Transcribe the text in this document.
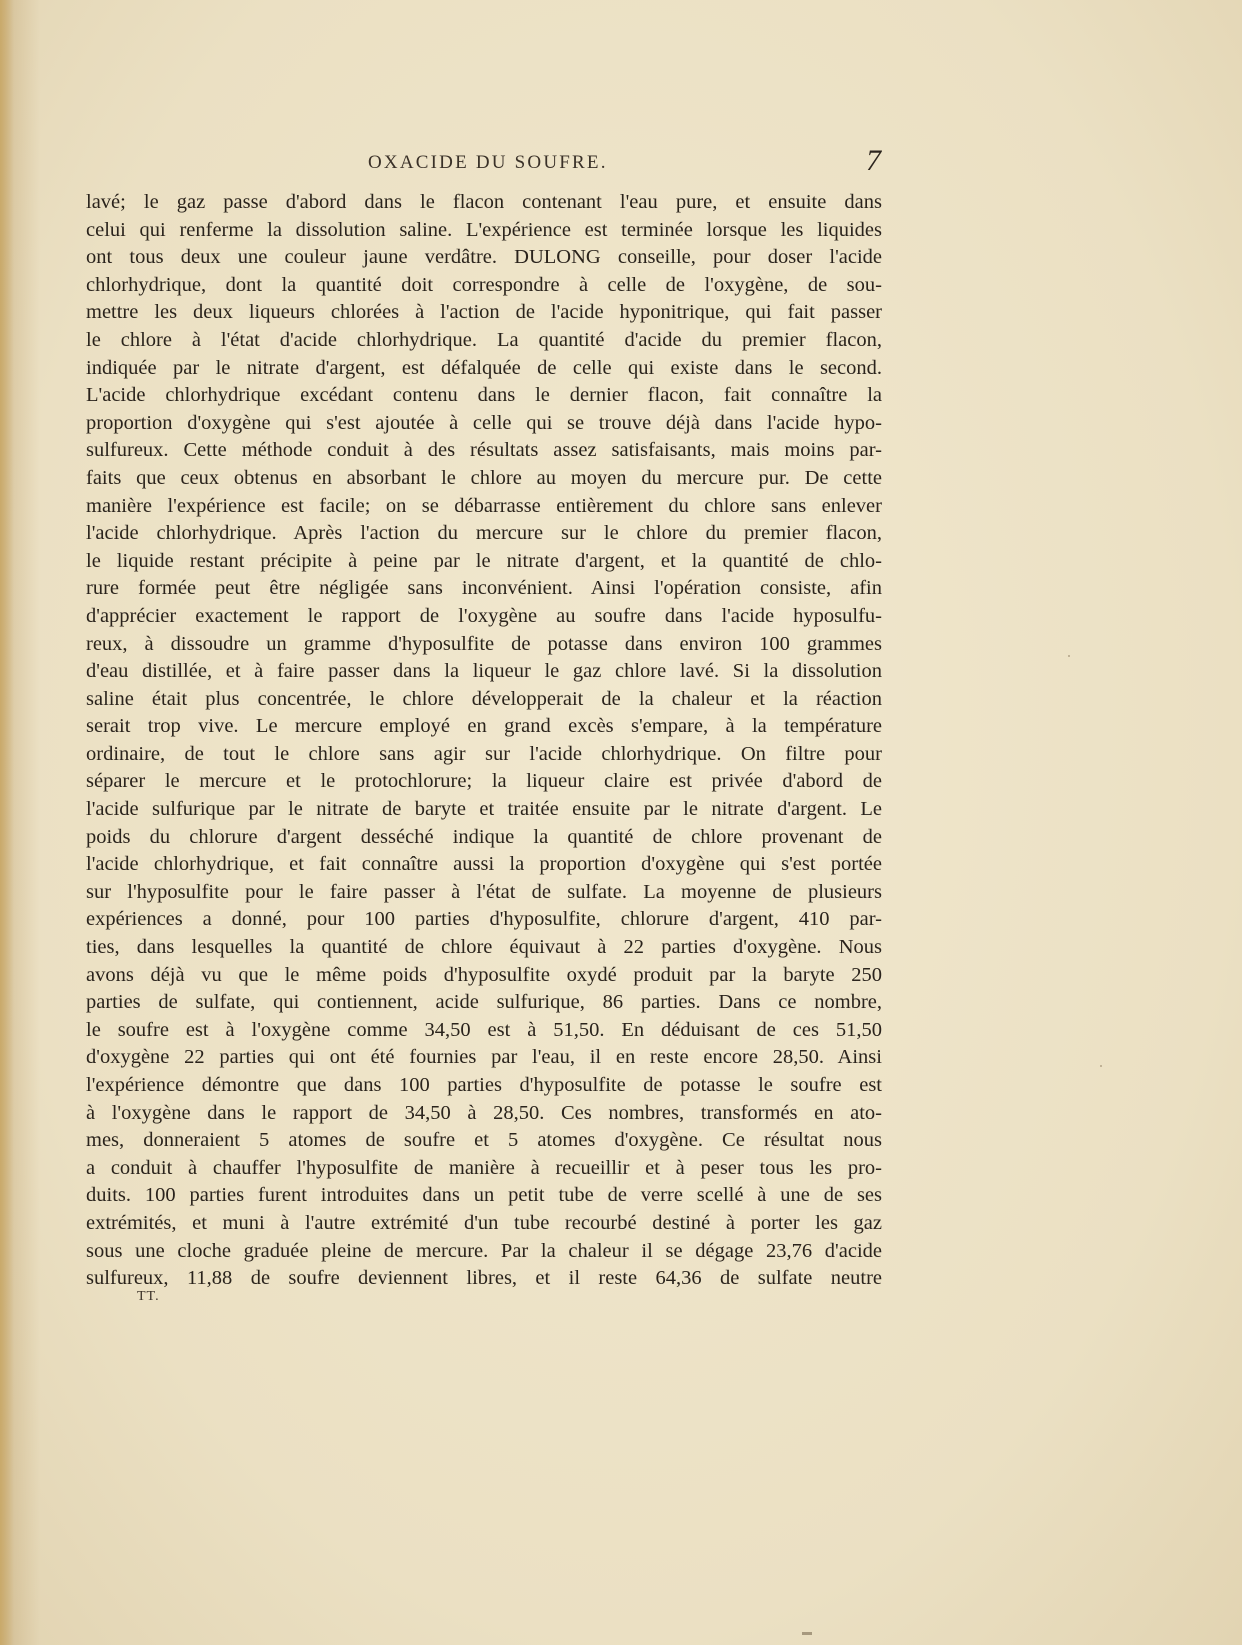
OXACIDE DU SOUFRE.	7
lavé; le gaz passe d'abord dans le flacon contenant l'eau pure, et ensuite dans
celui qui renferme la dissolution saline. L'expérience est terminée lorsque les liquides
ont tous deux une couleur jaune verdâtre. DULONG conseille, pour doser l'acide
chlorhydrique, dont la quantité doit correspondre à celle de l'oxygène, de sou-
mettre les deux liqueurs chlorées à l'action de l'acide hyponitrique, qui fait passer
le chlore à l'état d'acide chlorhydrique. La quantité d'acide du premier flacon,
indiquée par le nitrate d'argent, est défalquée de celle qui existe dans le second.
L'acide chlorhydrique excédant contenu dans le dernier flacon, fait connaître la
proportion d'oxygène qui s'est ajoutée à celle qui se trouve déjà dans l'acide hypo-
sulfureux. Cette méthode conduit à des résultats assez satisfaisants, mais moins par-
faits que ceux obtenus en absorbant le chlore au moyen du mercure pur. De cette
manière l'expérience est facile; on se débarrasse entièrement du chlore sans enlever
l'acide chlorhydrique. Après l'action du mercure sur le chlore du premier flacon,
le liquide restant précipite à peine par le nitrate d'argent, et la quantité de chlo-
rure formée peut être négligée sans inconvénient. Ainsi l'opération consiste, afin
d'apprécier exactement le rapport de l'oxygène au soufre dans l'acide hyposulfu-
reux, à dissoudre un gramme d'hyposulfite de potasse dans environ 100 grammes
d'eau distillée, et à faire passer dans la liqueur le gaz chlore lavé. Si la dissolution
saline était plus concentrée, le chlore développerait de la chaleur et la réaction
serait trop vive. Le mercure employé en grand excès s'empare, à la température
ordinaire, de tout le chlore sans agir sur l'acide chlorhydrique. On filtre pour
séparer le mercure et le protochlorure; la liqueur claire est privée d'abord de
l'acide sulfurique par le nitrate de baryte et traitée ensuite par le nitrate d'argent. Le
poids du chlorure d'argent desséché indique la quantité de chlore provenant de
l'acide chlorhydrique, et fait connaître aussi la proportion d'oxygène qui s'est portée
sur l'hyposulfite pour le faire passer à l'état de sulfate. La moyenne de plusieurs
expériences a donné, pour 100 parties d'hyposulfite, chlorure d'argent, 410 par-
ties, dans lesquelles la quantité de chlore équivaut à 22 parties d'oxygène. Nous
avons déjà vu que le même poids d'hyposulfite oxydé produit par la baryte 250
parties de sulfate, qui contiennent, acide sulfurique, 86 parties. Dans ce nombre,
le soufre est à l'oxygène comme 34,50 est à 51,50. En déduisant de ces 51,50
d'oxygène 22 parties qui ont été fournies par l'eau, il en reste encore 28,50. Ainsi
l'expérience démontre que dans 100 parties d'hyposulfite de potasse le soufre est
à l'oxygène dans le rapport de 34,50 à 28,50. Ces nombres, transformés en ato-
mes, donneraient 5 atomes de soufre et 5 atomes d'oxygène. Ce résultat nous
a conduit à chauffer l'hyposulfite de manière à recueillir et à peser tous les pro-
duits. 100 parties furent introduites dans un petit tube de verre scellé à une de ses
extrémités, et muni à l'autre extrémité d'un tube recourbé destiné à porter les gaz
sous une cloche graduée pleine de mercure. Par la chaleur il se dégage 23,76 d'acide
sulfureux, 11,88 de soufre deviennent libres, et il reste 64,36 de sulfate neutre
TT.
